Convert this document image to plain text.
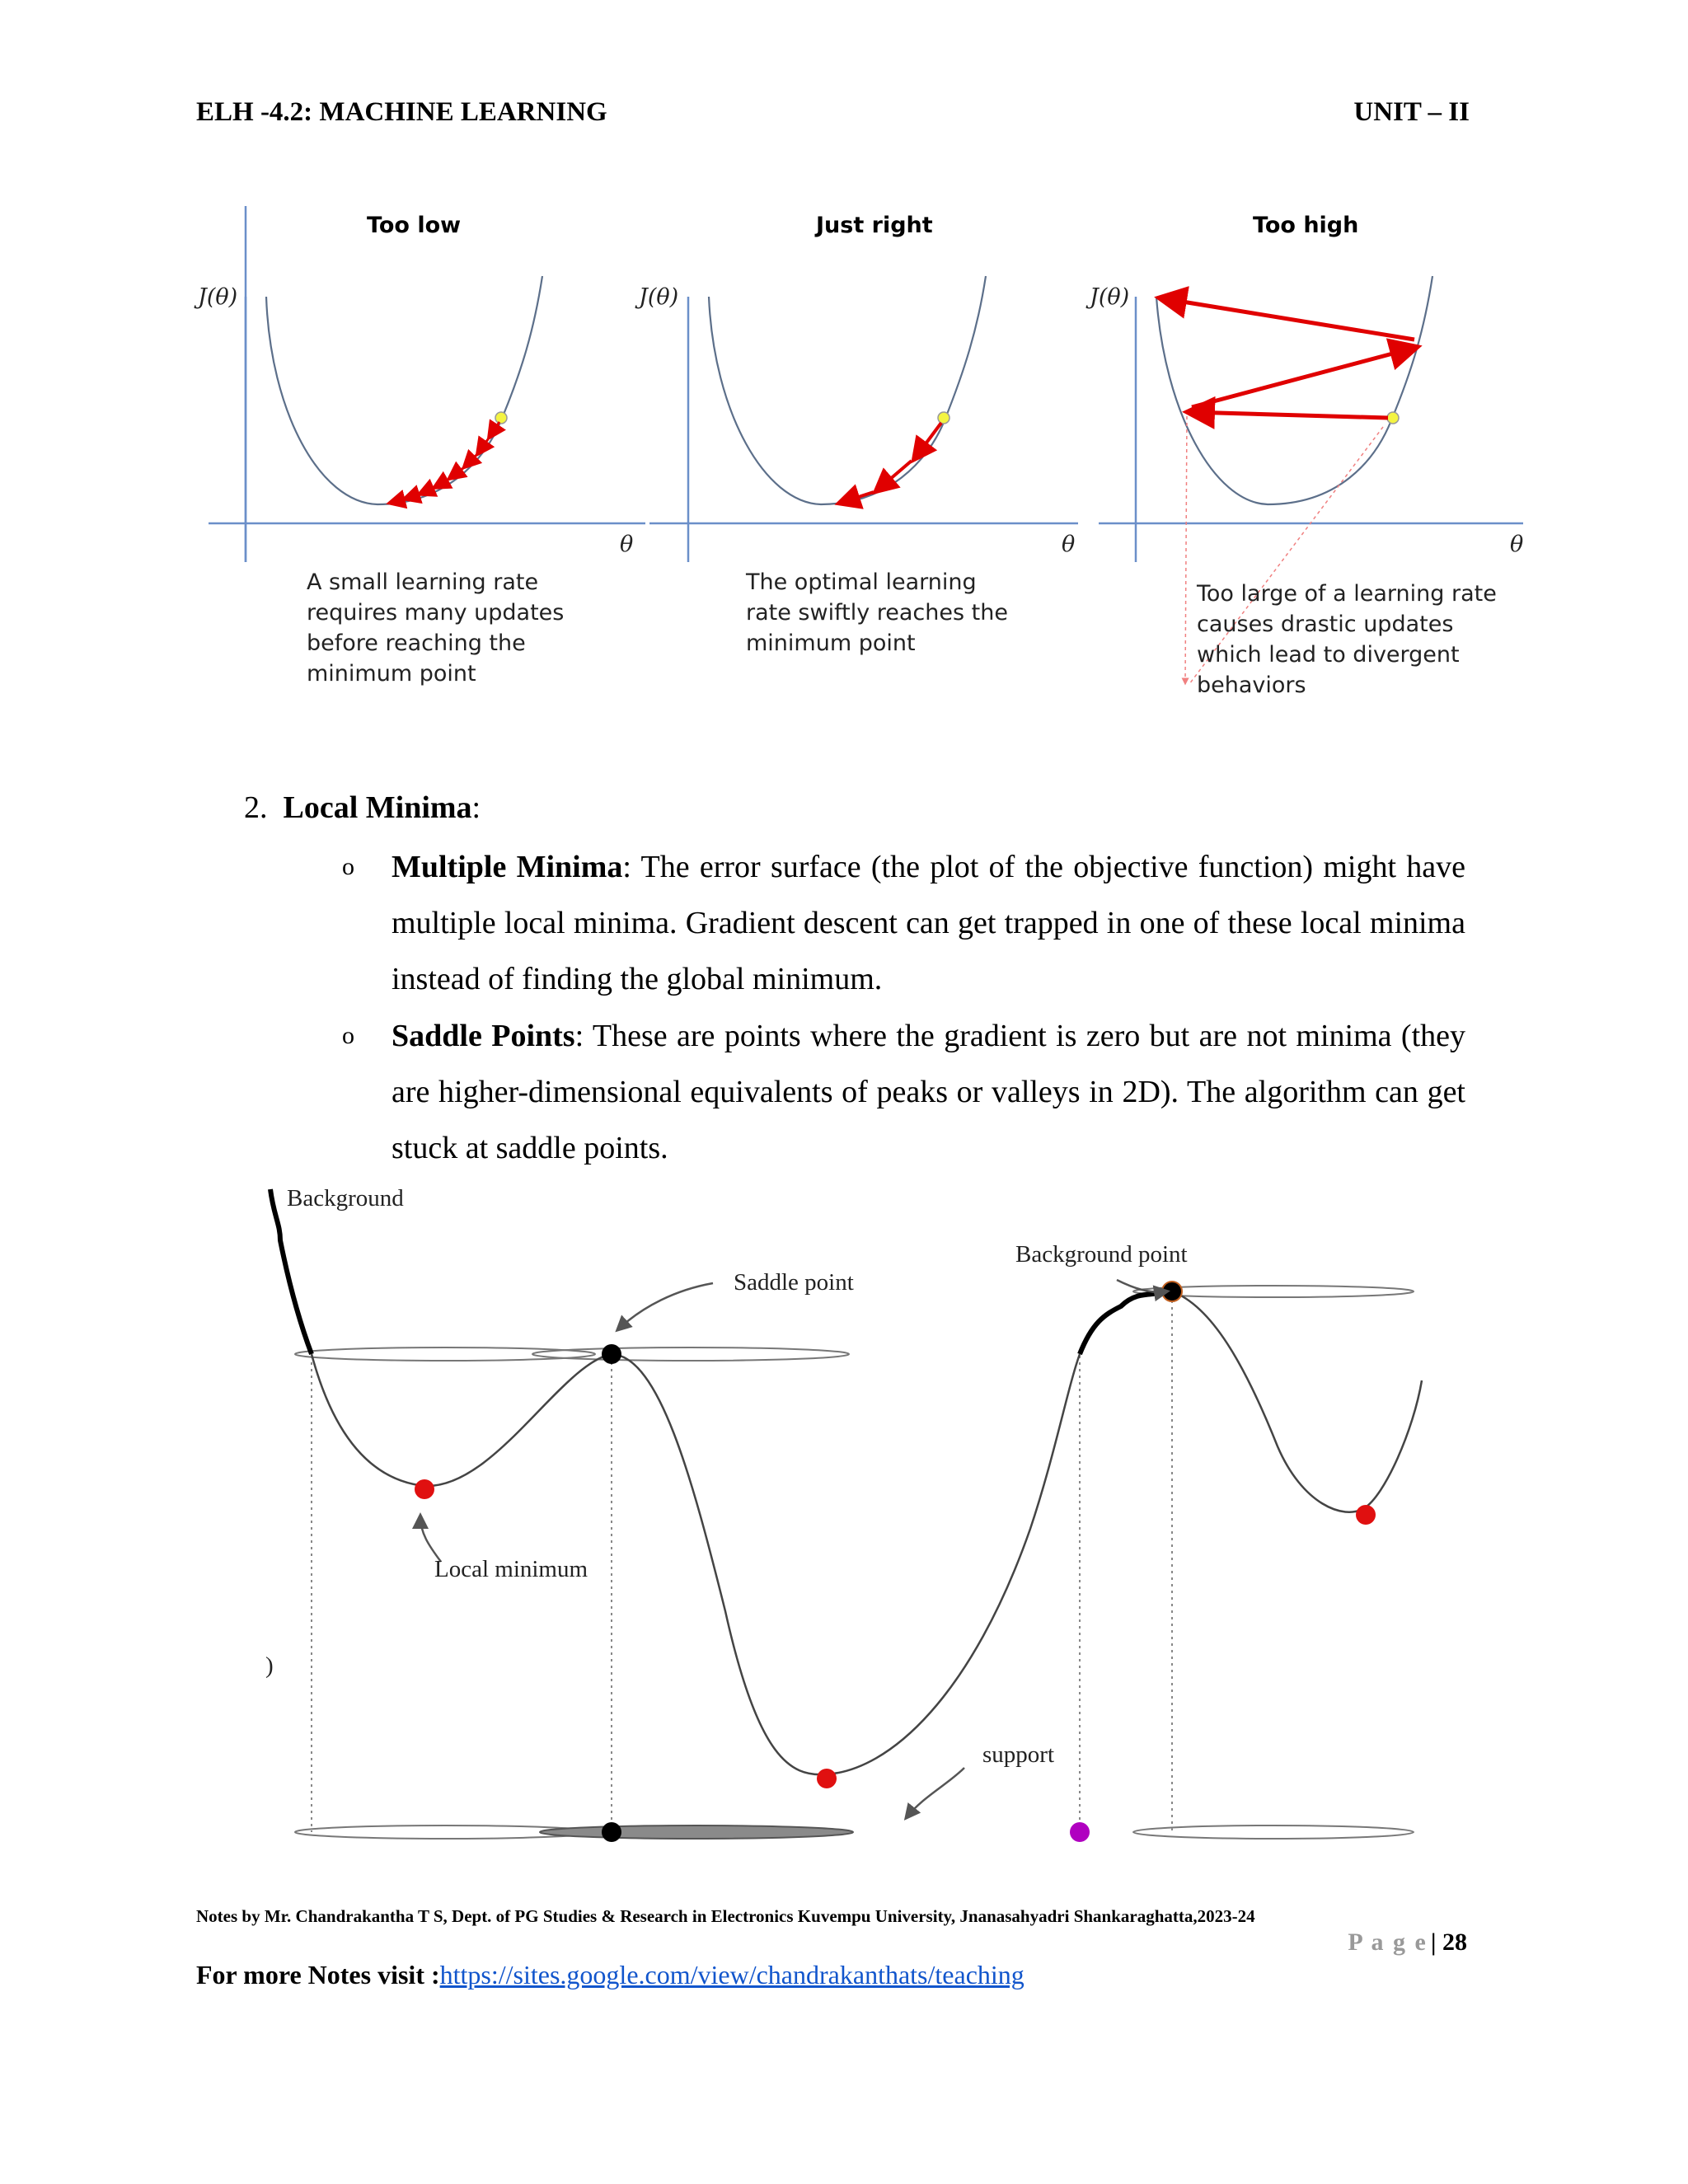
ELH -4.2: MACHINE LEARNING	UNIT – II
Too low	Just right	Too high
J(θ)	J(θ)	J(θ)
θ	θ	θ
A small learning rate
requires many updates
before reaching the
minimum point
The optimal learning
rate swiftly reaches the
minimum point
Too large of a learning rate
causes drastic updates
which lead to divergent
behaviors
2. Local Minima:
o Multiple Minima: The error surface (the plot of the objective function) might have multiple local minima. Gradient descent can get trapped in one of these local minima instead of finding the global minimum.
o Saddle Points: These are points where the gradient is zero but are not minima (they are higher-dimensional equivalents of peaks or valleys in 2D). The algorithm can get stuck at saddle points.
Background
Saddle point
Background point
Local minimum
support
)
Notes by Mr. Chandrakantha T S, Dept. of PG Studies & Research in Electronics Kuvempu University, Jnanasahyadri Shankaraghatta,2023-24
P a g e | 28
For more Notes visit :https://sites.google.com/view/chandrakanthats/teaching
